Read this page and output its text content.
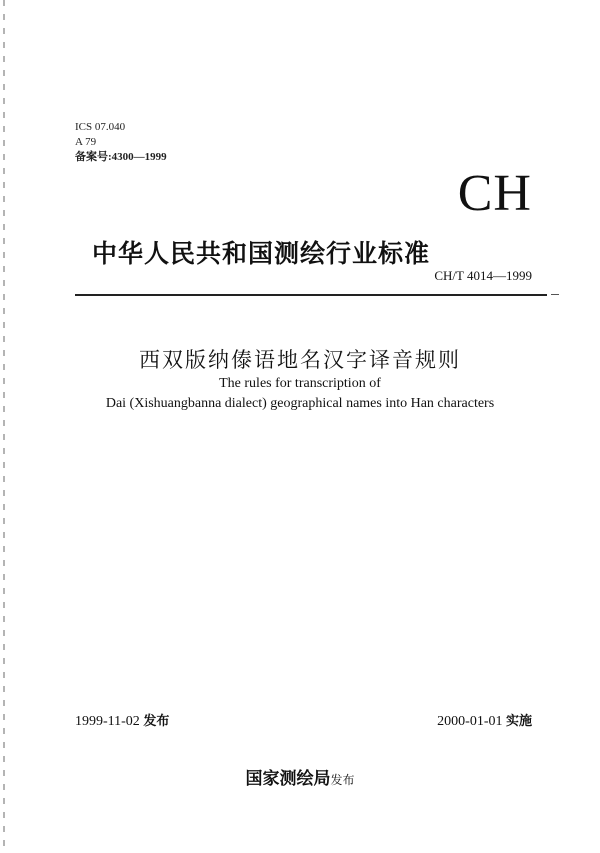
ICS 07.040
A 79
备案号:4300—1999
CH
中华人民共和国测绘行业标准
CH/T 4014—1999
西双版纳傣语地名汉字译音规则
The rules for transcription of
Dai (Xishuangbanna dialect) geographical names into Han characters
1999-11-02 发布	2000-01-01 实施
国家测绘局发布
